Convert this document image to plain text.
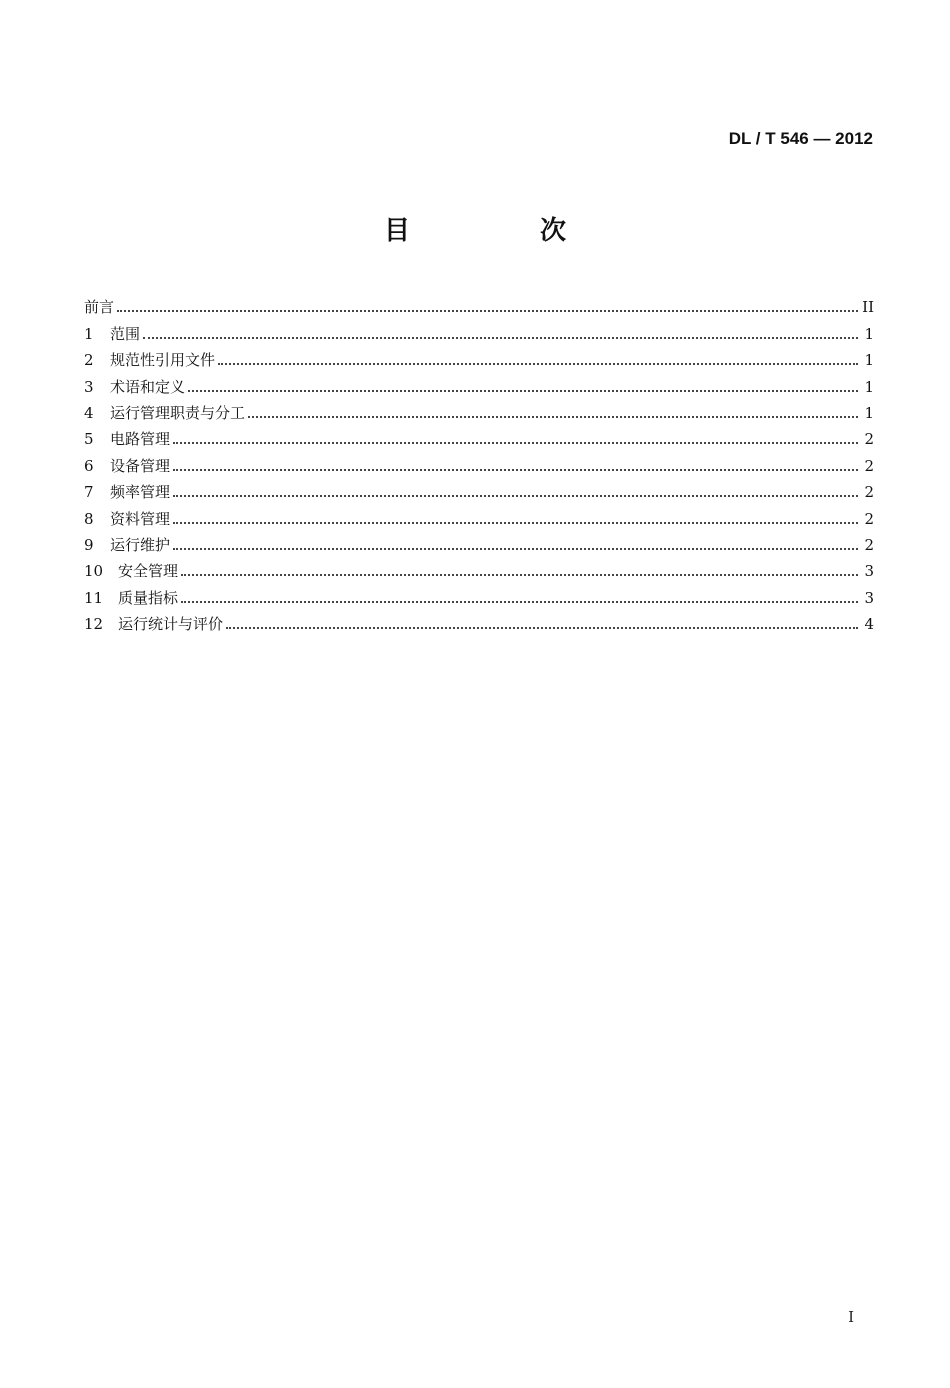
DL / T 546 — 2012
目　次
前言	II
1	范围	1
2	规范性引用文件	1
3	术语和定义	1
4	运行管理职责与分工	1
5	电路管理	2
6	设备管理	2
7	频率管理	2
8	资料管理	2
9	运行维护	2
10 安全管理	3
11 质量指标	3
12 运行统计与评价	4
I
